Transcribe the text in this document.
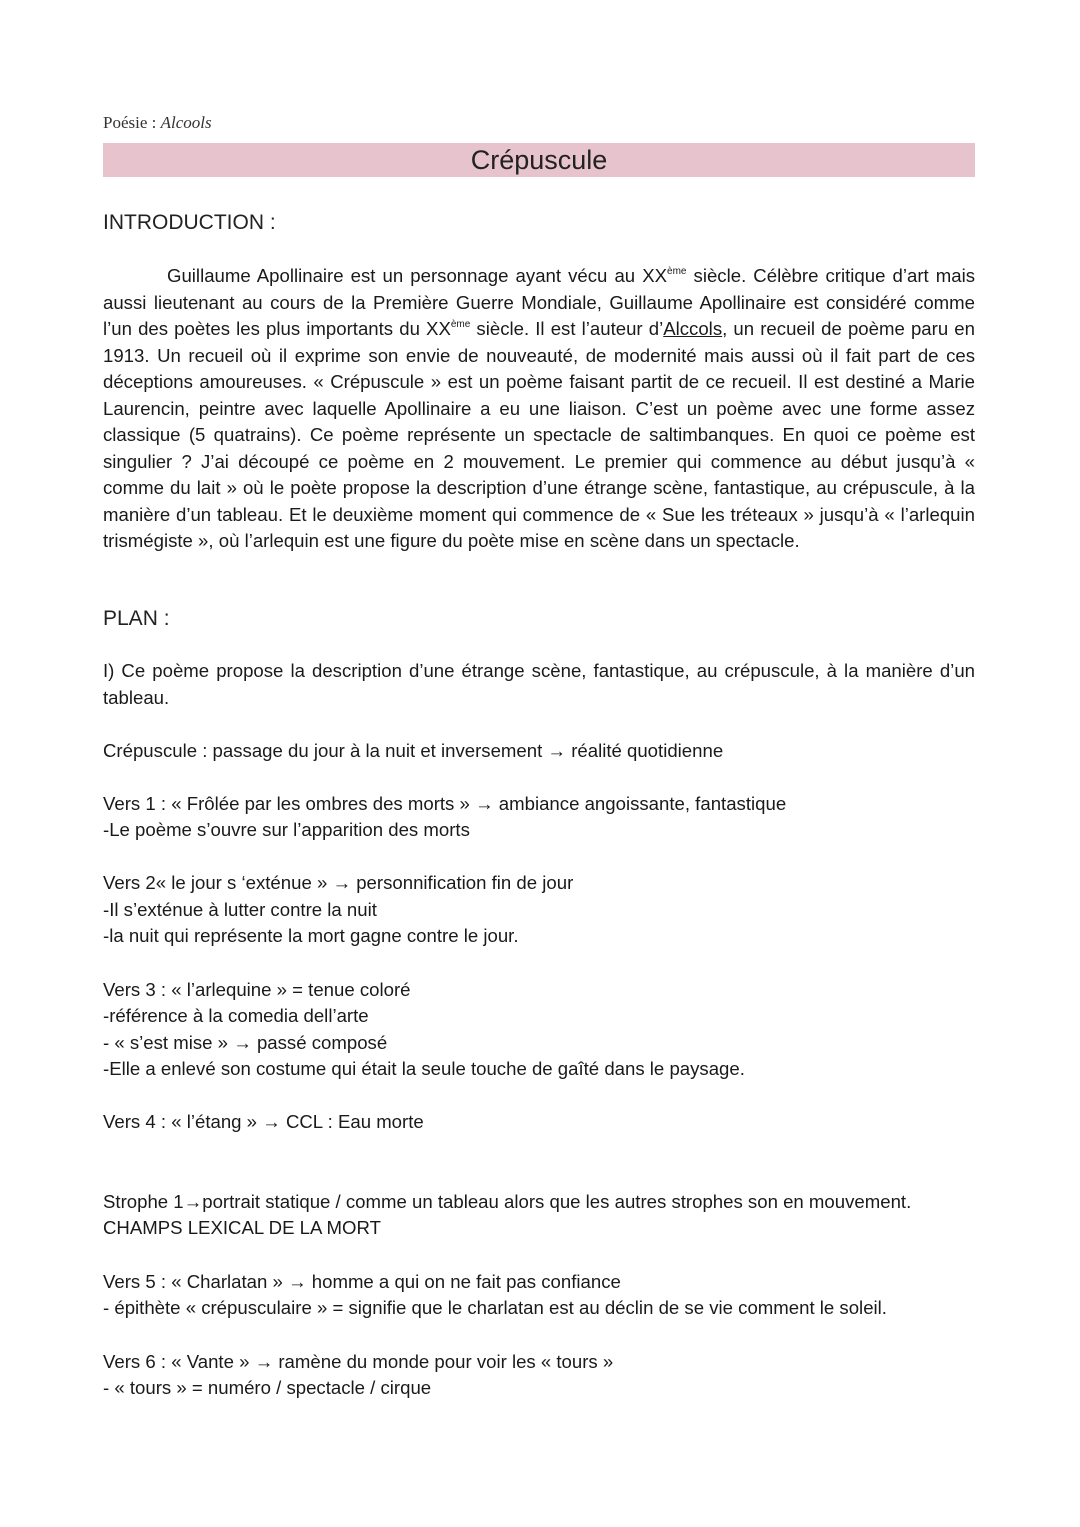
Poésie : Alcools
Crépuscule
INTRODUCTION :
Guillaume Apollinaire est un personnage ayant vécu au XXème siècle. Célèbre critique d’art mais aussi lieutenant au cours de la Première Guerre Mondiale, Guillaume Apollinaire est considéré comme l’un des poètes les plus importants du XXème siècle. Il est l’auteur d’Alccols, un recueil de poème paru en 1913. Un recueil où il exprime son envie de nouveauté, de modernité mais aussi où il fait part de ces déceptions amoureuses. « Crépuscule » est un poème faisant partit de ce recueil. Il est destiné a Marie Laurencin, peintre avec laquelle Apollinaire a eu une liaison. C’est un poème avec une forme assez classique (5 quatrains). Ce poème représente un spectacle de saltimbanques. En quoi ce poème est singulier ? J’ai découpé ce poème en 2 mouvement. Le premier qui commence au début jusqu’à « comme du lait » où le poète propose la description d’une étrange scène, fantastique, au crépuscule, à la manière d’un tableau. Et le deuxième moment qui commence de « Sue les tréteaux » jusqu’à « l’arlequin trismégiste », où l’arlequin est une figure du poète mise en scène dans un spectacle.
PLAN :
I) Ce poème propose la description d’une étrange scène, fantastique, au crépuscule, à la manière d’un tableau.
Crépuscule : passage du jour à la nuit et inversement → réalité quotidienne
Vers 1 : « Frôlée par les ombres des morts » → ambiance angoissante, fantastique
-Le poème s’ouvre sur l’apparition des morts
Vers 2« le jour s ‘exténue » → personnification fin de jour
-Il s’exténue à lutter contre la nuit
-la nuit qui représente la mort gagne contre le jour.
Vers 3 : « l’arlequine » = tenue coloré
-référence à la comedia dell’arte
- « s’est mise » → passé composé
-Elle a enlevé son costume qui était la seule touche de gaîté dans le paysage.
Vers 4 : « l’étang » → CCL : Eau morte
Strophe 1→portrait statique / comme un tableau alors que les autres strophes son en mouvement.
CHAMPS LEXICAL DE LA MORT
Vers 5 : « Charlatan » → homme a qui on ne fait pas confiance
- épithète « crépusculaire » = signifie que le charlatan est au déclin de se vie comment le soleil.
Vers 6 : « Vante » → ramène du monde pour voir les « tours »
- « tours » = numéro / spectacle / cirque
